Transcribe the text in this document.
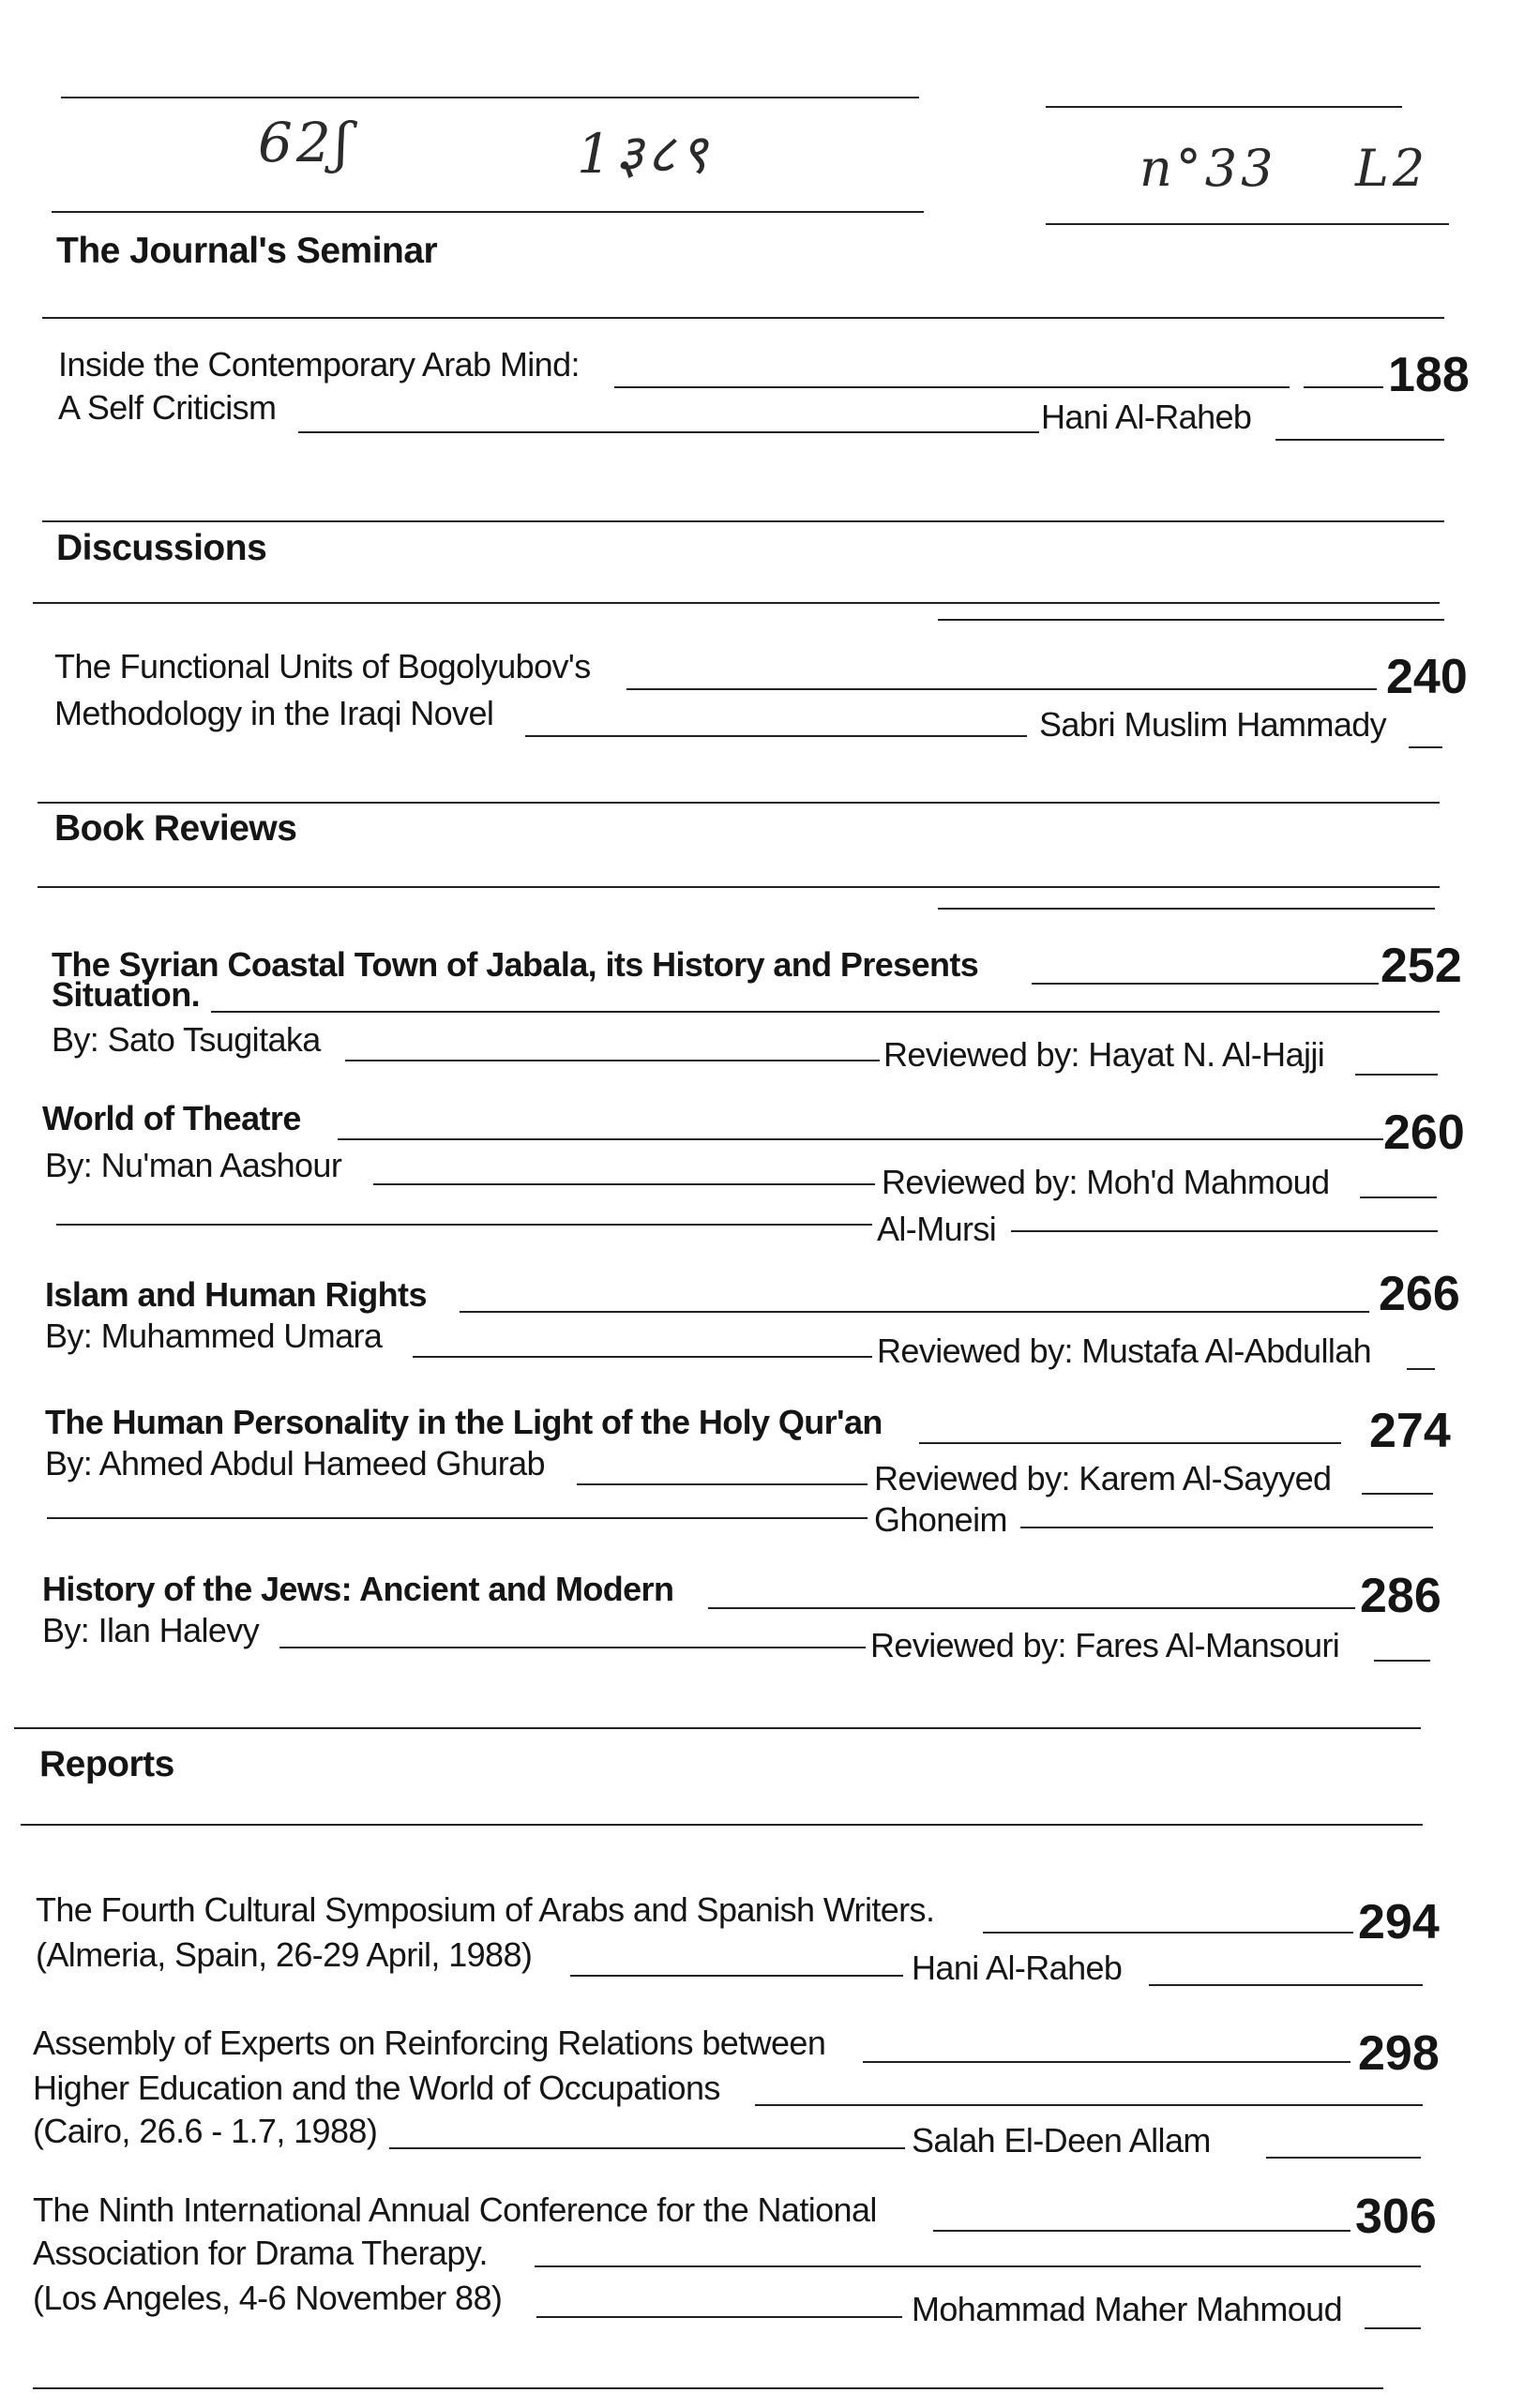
62ʃ	1३८९	n°33 L2
The Journal's Seminar
Inside the Contemporary Arab Mind:	188
A Self Criticism	Hani Al-Raheb
Discussions
The Functional Units of Bogolyubov's	240
Methodology in the Iraqi Novel	Sabri Muslim Hammady
Book Reviews
The Syrian Coastal Town of Jabala, its History and Presents	252
Situation.
By: Sato Tsugitaka	Reviewed by: Hayat N. Al-Hajji
World of Theatre	260
By: Nu'man Aashour	Reviewed by: Moh'd Mahmoud
Al-Mursi
Islam and Human Rights	266
By: Muhammed Umara	Reviewed by: Mustafa Al-Abdullah
The Human Personality in the Light of the Holy Qur'an	274
By: Ahmed Abdul Hameed Ghurab	Reviewed by: Karem Al-Sayyed
Ghoneim
History of the Jews: Ancient and Modern	286
By: Ilan Halevy	Reviewed by: Fares Al-Mansouri
Reports
The Fourth Cultural Symposium of Arabs and Spanish Writers.	294
(Almeria, Spain, 26-29 April, 1988)	Hani Al-Raheb
Assembly of Experts on Reinforcing Relations between	298
Higher Education and the World of Occupations
(Cairo, 26.6 - 1.7, 1988)	Salah El-Deen Allam
The Ninth International Annual Conference for the National	306
Association for Drama Therapy.
(Los Angeles, 4-6 November 88)	Mohammad Maher Mahmoud
